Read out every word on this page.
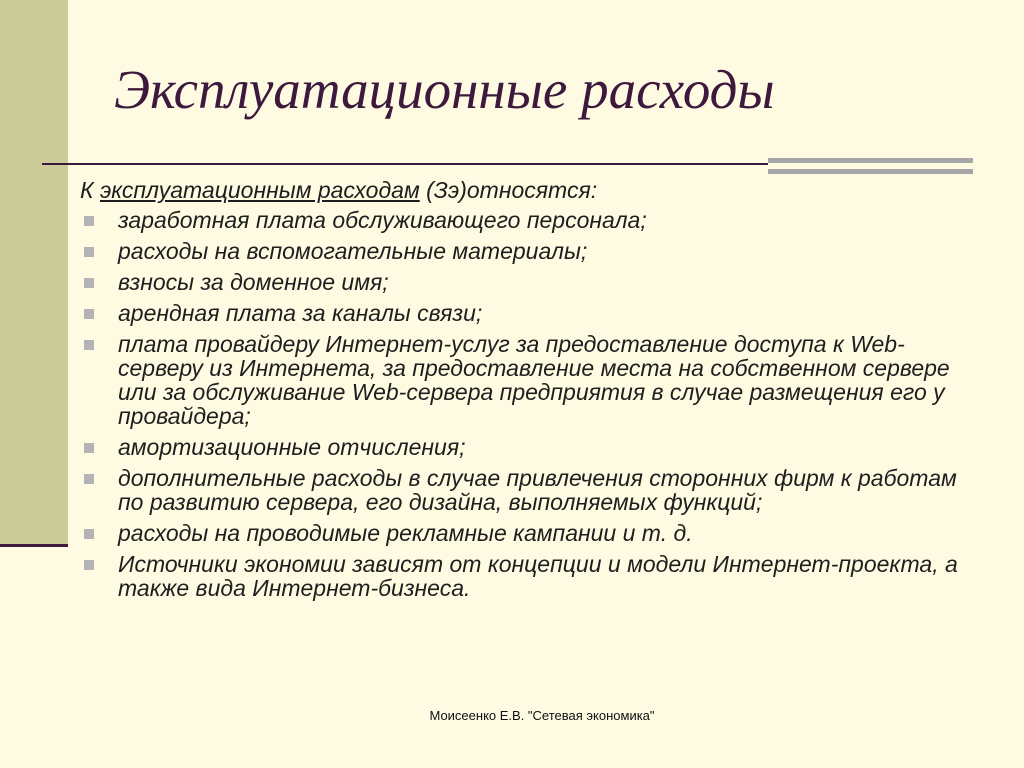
Эксплуатационные расходы

К эксплуатационным расходам (Зэ)относятся:

заработная плата обслуживающего персонала;
расходы на вспомогательные материалы;
взносы за доменное имя;
арендная плата за каналы связи;
плата провайдеру Интернет-услуг за предоставление доступа к Web-серверу из Интернета, за предоставление места на собственном сервере или за обслуживание Web-сервера предприятия в случае размещения его у провайдера;
амортизационные отчисления;
дополнительные расходы в случае привлечения сторонних фирм к работам по развитию сервера, его дизайна, выполняемых функций;
расходы на проводимые рекламные кампании и т. д.
Источники экономии зависят от концепции и модели Интернет-проекта, а также вида Интернет-бизнеса.
Моисеенко Е.В. "Сетевая экономика"
